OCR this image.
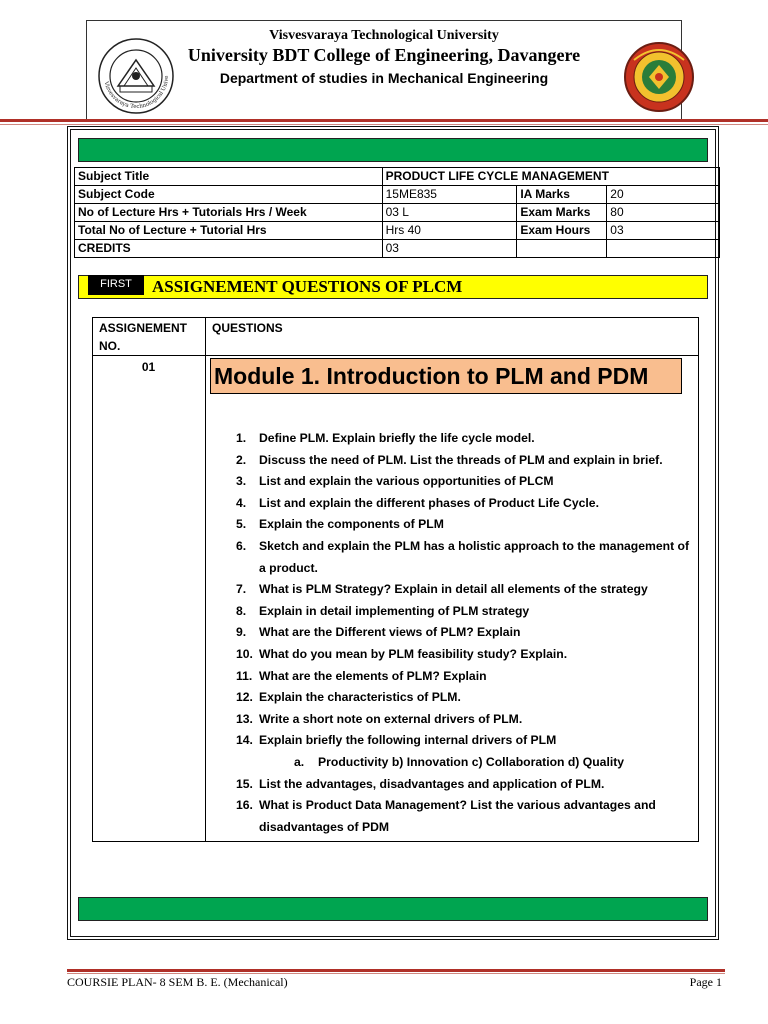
Visvesvaraya Technological Unive
Visvesvaraya Technological University
University BDT College of Engineering, Davangere
Department of studies in Mechanical Engineering
Subject Title	PRODUCT LIFE CYCLE MANAGEMENT		
Subject Code	15ME835	IA Marks	20
No of Lecture Hrs + Tutorials Hrs / Week	03 L	Exam Marks	80
Total No of Lecture + Tutorial Hrs	Hrs 40	Exam Hours	03
CREDITS	03		
FIRST	ASSIGNEMENT QUESTIONS OF PLCM
ASSIGNEMENT NO.
QUESTIONS
01	Module 1. Introduction to PLM and PDM
1.	Define PLM. Explain briefly the life cycle model.
2.	Discuss the need of PLM. List the threads of PLM and explain in brief.
3.	List and explain the various opportunities of PLCM
4.	List and explain the different phases of Product Life Cycle.
5.	Explain the components of PLM
6.	Sketch and explain the PLM has a holistic approach to the management of a product.
7.	What is PLM Strategy? Explain in detail all elements of the strategy
8.	Explain in detail implementing of PLM strategy
9.	What are the Different views of PLM? Explain
10. What do you mean by PLM feasibility study? Explain.
11. What are the elements of PLM? Explain
12. Explain the characteristics of PLM.
13. Write a short note on external drivers of PLM.
14. Explain briefly the following internal drivers of PLM
a.	Productivity b) Innovation c) Collaboration d) Quality
15. List the advantages, disadvantages and application of PLM.
16. What is Product Data Management? List the various advantages and disadvantages of PDM
COURSIE PLAN- 8 SEM B. E. (Mechanical)	Page 1
